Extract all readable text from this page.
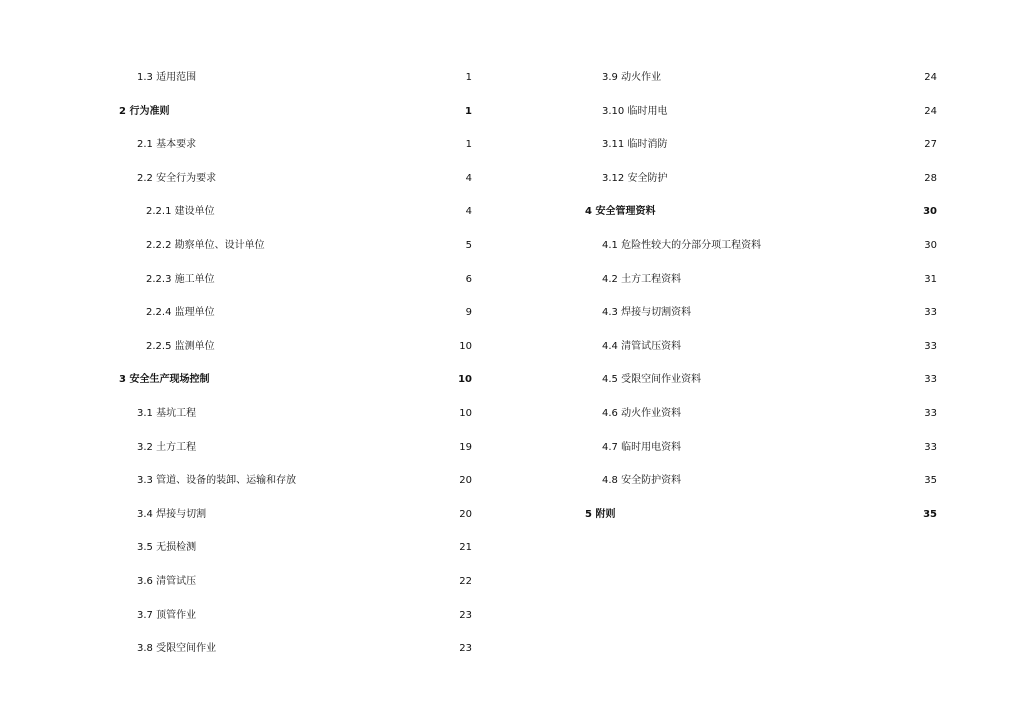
1.3 适用范围	1
2 行为准则	1
2.1 基本要求	1
2.2 安全行为要求	4
2.2.1 建设单位	4
2.2.2 勘察单位、设计单位	5
2.2.3 施工单位	6
2.2.4 监理单位	9
2.2.5 监测单位	10
3 安全生产现场控制	10
3.1 基坑工程	10
3.2 土方工程	19
3.3 管道、设备的装卸、运输和存放	20
3.4 焊接与切割	20
3.5 无损检测	21
3.6 清管试压	22
3.7 顶管作业	23
3.8 受限空间作业	23
3.9 动火作业	24
3.10 临时用电	24
3.11 临时消防	27
3.12 安全防护	28
4 安全管理资料	30
4.1 危险性较大的分部分项工程资料	30
4.2 土方工程资料	31
4.3 焊接与切割资料	33
4.4 清管试压资料	33
4.5 受限空间作业资料	33
4.6 动火作业资料	33
4.7 临时用电资料	33
4.8 安全防护资料	35
5 附则	35
